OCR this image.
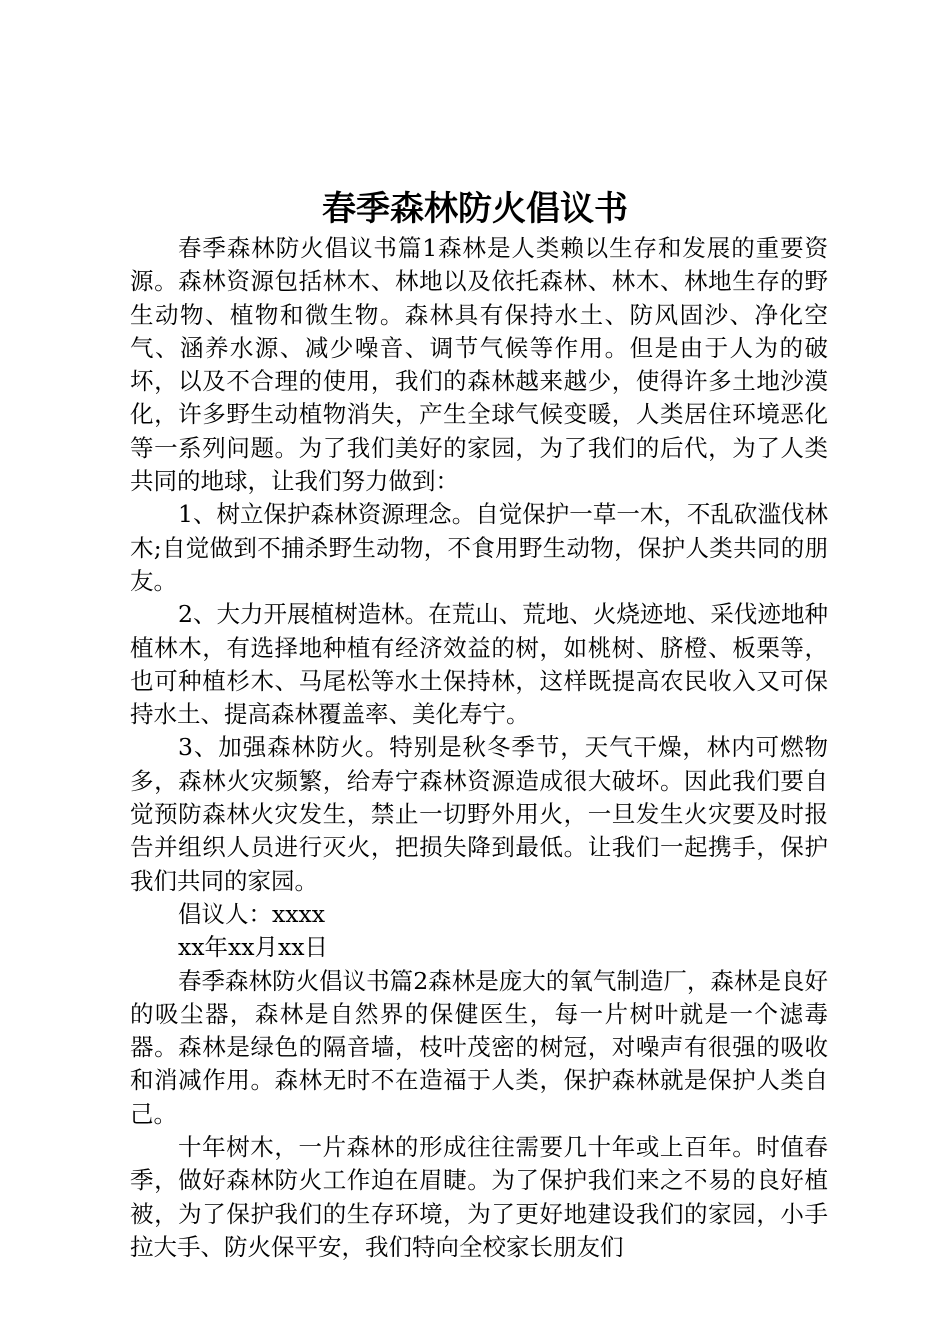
春季森林防火倡议书

春季森林防火倡议书篇1森林是人类赖以生存和发展的重要资源。森林资源包括林木、林地以及依托森林、林木、林地生存的野生动物、植物和微生物。森林具有保持水土、防风固沙、净化空气、涵养水源、减少噪音、调节气候等作用。但是由于人为的破坏，以及不合理的使用，我们的森林越来越少，使得许多土地沙漠化，许多野生动植物消失，产生全球气候变暖，人类居住环境恶化等一系列问题。为了我们美好的家园，为了我们的后代，为了人类共同的地球，让我们努力做到：

1、树立保护森林资源理念。自觉保护一草一木，不乱砍滥伐林木;自觉做到不捕杀野生动物，不食用野生动物，保护人类共同的朋友。

2、大力开展植树造林。在荒山、荒地、火烧迹地、采伐迹地种植林木，有选择地种植有经济效益的树，如桃树、脐橙、板栗等，也可种植杉木、马尾松等水土保持林，这样既提高农民收入又可保持水土、提高森林覆盖率、美化寿宁。

3、加强森林防火。特别是秋冬季节，天气干燥，林内可燃物多，森林火灾频繁，给寿宁森林资源造成很大破坏。因此我们要自觉预防森林火灾发生，禁止一切野外用火，一旦发生火灾要及时报告并组织人员进行灭火，把损失降到最低。让我们一起携手，保护我们共同的家园。

倡议人：xxxx

xx年xx月xx日

春季森林防火倡议书篇2森林是庞大的氧气制造厂，森林是良好的吸尘器，森林是自然界的保健医生，每一片树叶就是一个滤毒器。森林是绿色的隔音墙，枝叶茂密的树冠，对噪声有很强的吸收和消减作用。森林无时不在造福于人类，保护森林就是保护人类自己。

十年树木，一片森林的形成往往需要几十年或上百年。时值春季，做好森林防火工作迫在眉睫。为了保护我们来之不易的良好植被，为了保护我们的生存环境，为了更好地建设我们的家园，小手拉大手、防火保平安，我们特向全校家长朋友们
